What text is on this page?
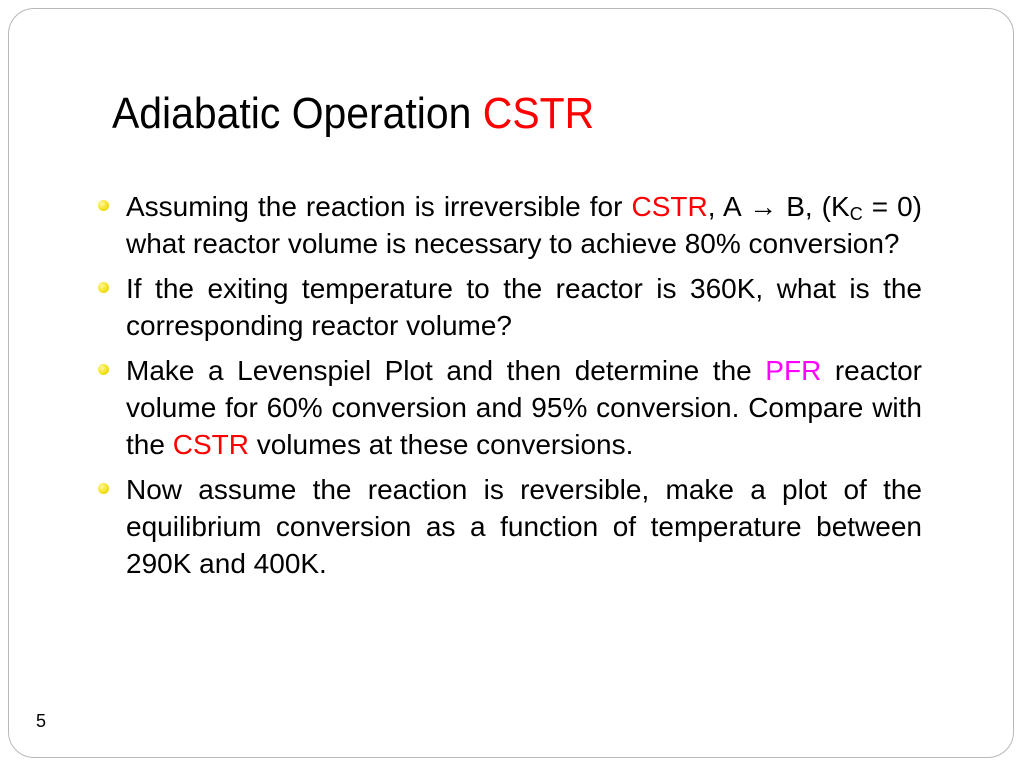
Adiabatic Operation CSTR
Assuming the reaction is irreversible for CSTR, A → B, $(K_C = 0)$ what reactor volume is necessary to achieve 80% conversion?
If the exiting temperature to the reactor is 360K, what is the corresponding reactor volume?
Make a Levenspiel Plot and then determine the PFR reactor volume for 60% conversion and 95% conversion. Compare with the CSTR volumes at these conversions.
Now assume the reaction is reversible, make a plot of the equilibrium conversion as a function of temperature between 290K and 400K.
5
